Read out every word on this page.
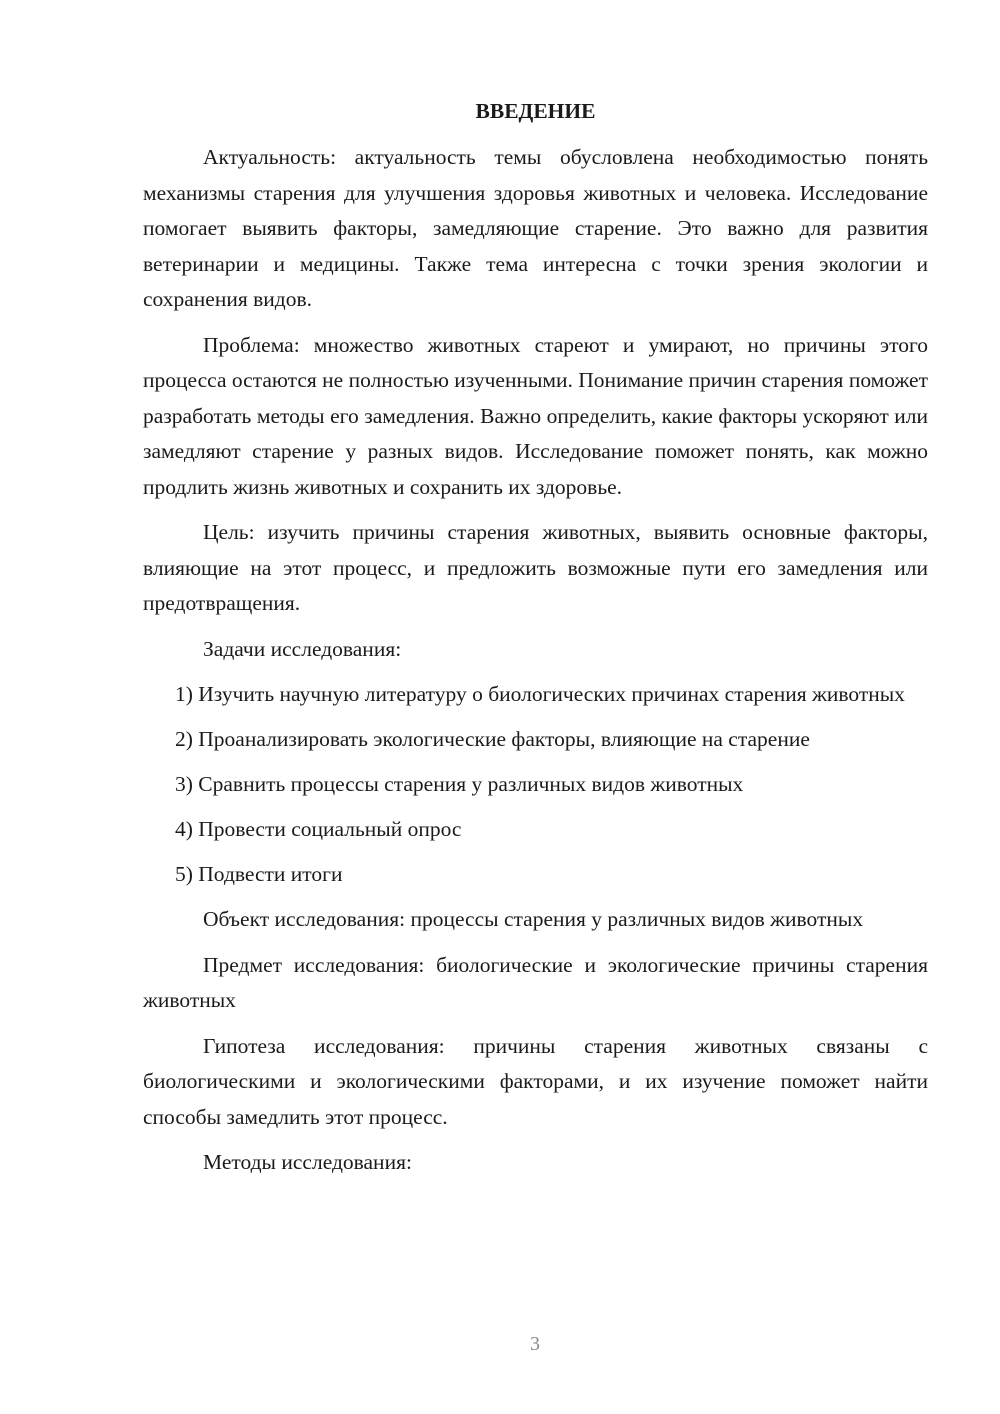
ВВЕДЕНИЕ

Актуальность: актуальность темы обусловлена необходимостью понять механизмы старения для улучшения здоровья животных и человека. Исследование помогает выявить факторы, замедляющие старение. Это важно для развития ветеринарии и медицины. Также тема интересна с точки зрения экологии и сохранения видов.

Проблема: множество животных стареют и умирают, но причины этого процесса остаются не полностью изученными. Понимание причин старения поможет разработать методы его замедления. Важно определить, какие факторы ускоряют или замедляют старение у разных видов. Исследование поможет понять, как можно продлить жизнь животных и сохранить их здоровье.

Цель: изучить причины старения животных, выявить основные факторы, влияющие на этот процесс, и предложить возможные пути его замедления или предотвращения.

Задачи исследования:

1) Изучить научную литературу о биологических причинах старения животных
2) Проанализировать экологические факторы, влияющие на старение
3) Сравнить процессы старения у различных видов животных
4) Провести социальный опрос
5) Подвести итоги

Объект исследования: процессы старения у различных видов животных

Предмет исследования: биологические и экологические причины старения животных

Гипотеза исследования: причины старения животных связаны с биологическими и экологическими факторами, и их изучение поможет найти способы замедлить этот процесс.

Методы исследования:

3
